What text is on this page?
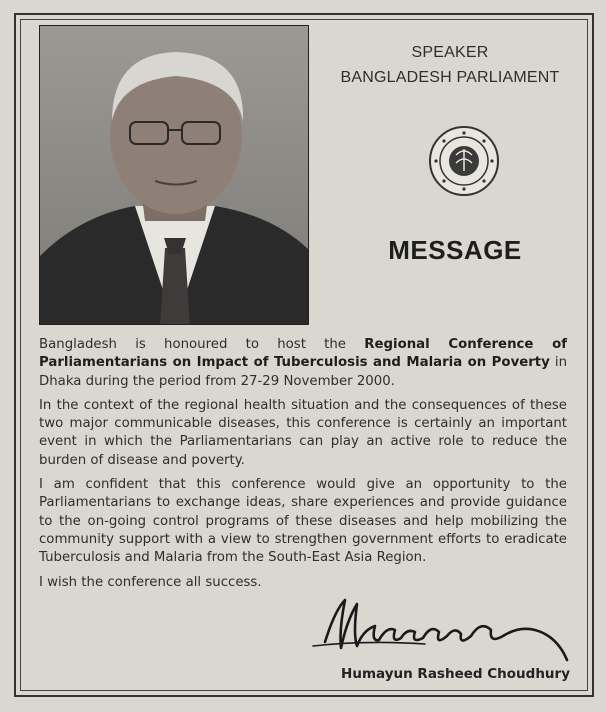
SPEAKER
BANGLADESH PARLIAMENT
MESSAGE

Bangladesh is honoured to host the Regional Conference of Parliamentarians on Impact of Tuberculosis and Malaria on Poverty in Dhaka during the period from 27-29 November 2000.

In the context of the regional health situation and the consequences of these two major communicable diseases, this conference is certainly an important event in which the Parliamentarians can play an active role to reduce the burden of disease and poverty.

I am confident that this conference would give an opportunity to the Parliamentarians to exchange ideas, share experiences and provide guidance to the on-going control programs of these diseases and help mobilizing the community support with a view to strengthen government efforts to eradicate Tuberculosis and Malaria from the South-East Asia Region.

I wish the conference all success.

Humayun Rasheed Choudhury
